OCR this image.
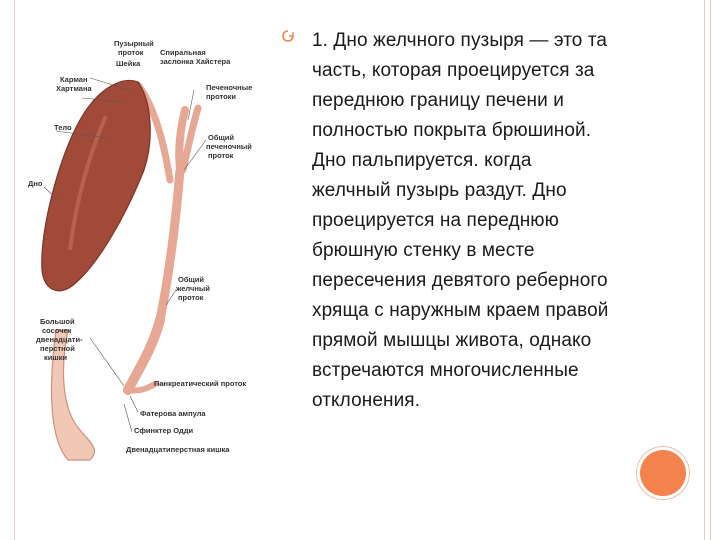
Пузырный
проток
Шейка
Спиральная
заслонка Хайстера
Карман
Хартмана	Печеночные
протоки
Тело
Общий
печеночный
проток
Дно
Общий
желчный
проток
Большой
сосочек
двенадцати-
перстной
кишки
Панкреатический проток
Фатерова ампула
Сфинктер Одди
Двенадцатиперстная кишка

1. Дно желчного пузыря — это та
часть, которая проецируется за
переднюю границу печени и
полностью покрыта брюшиной.
Дно пальпируется. когда
желчный пузырь раздут. Дно
проецируется на переднюю
брюшную стенку в месте
пересечения девятого реберного
хряща с наружным краем правой
прямой мышцы живота, однако
встречаются многочисленные
отклонения.
